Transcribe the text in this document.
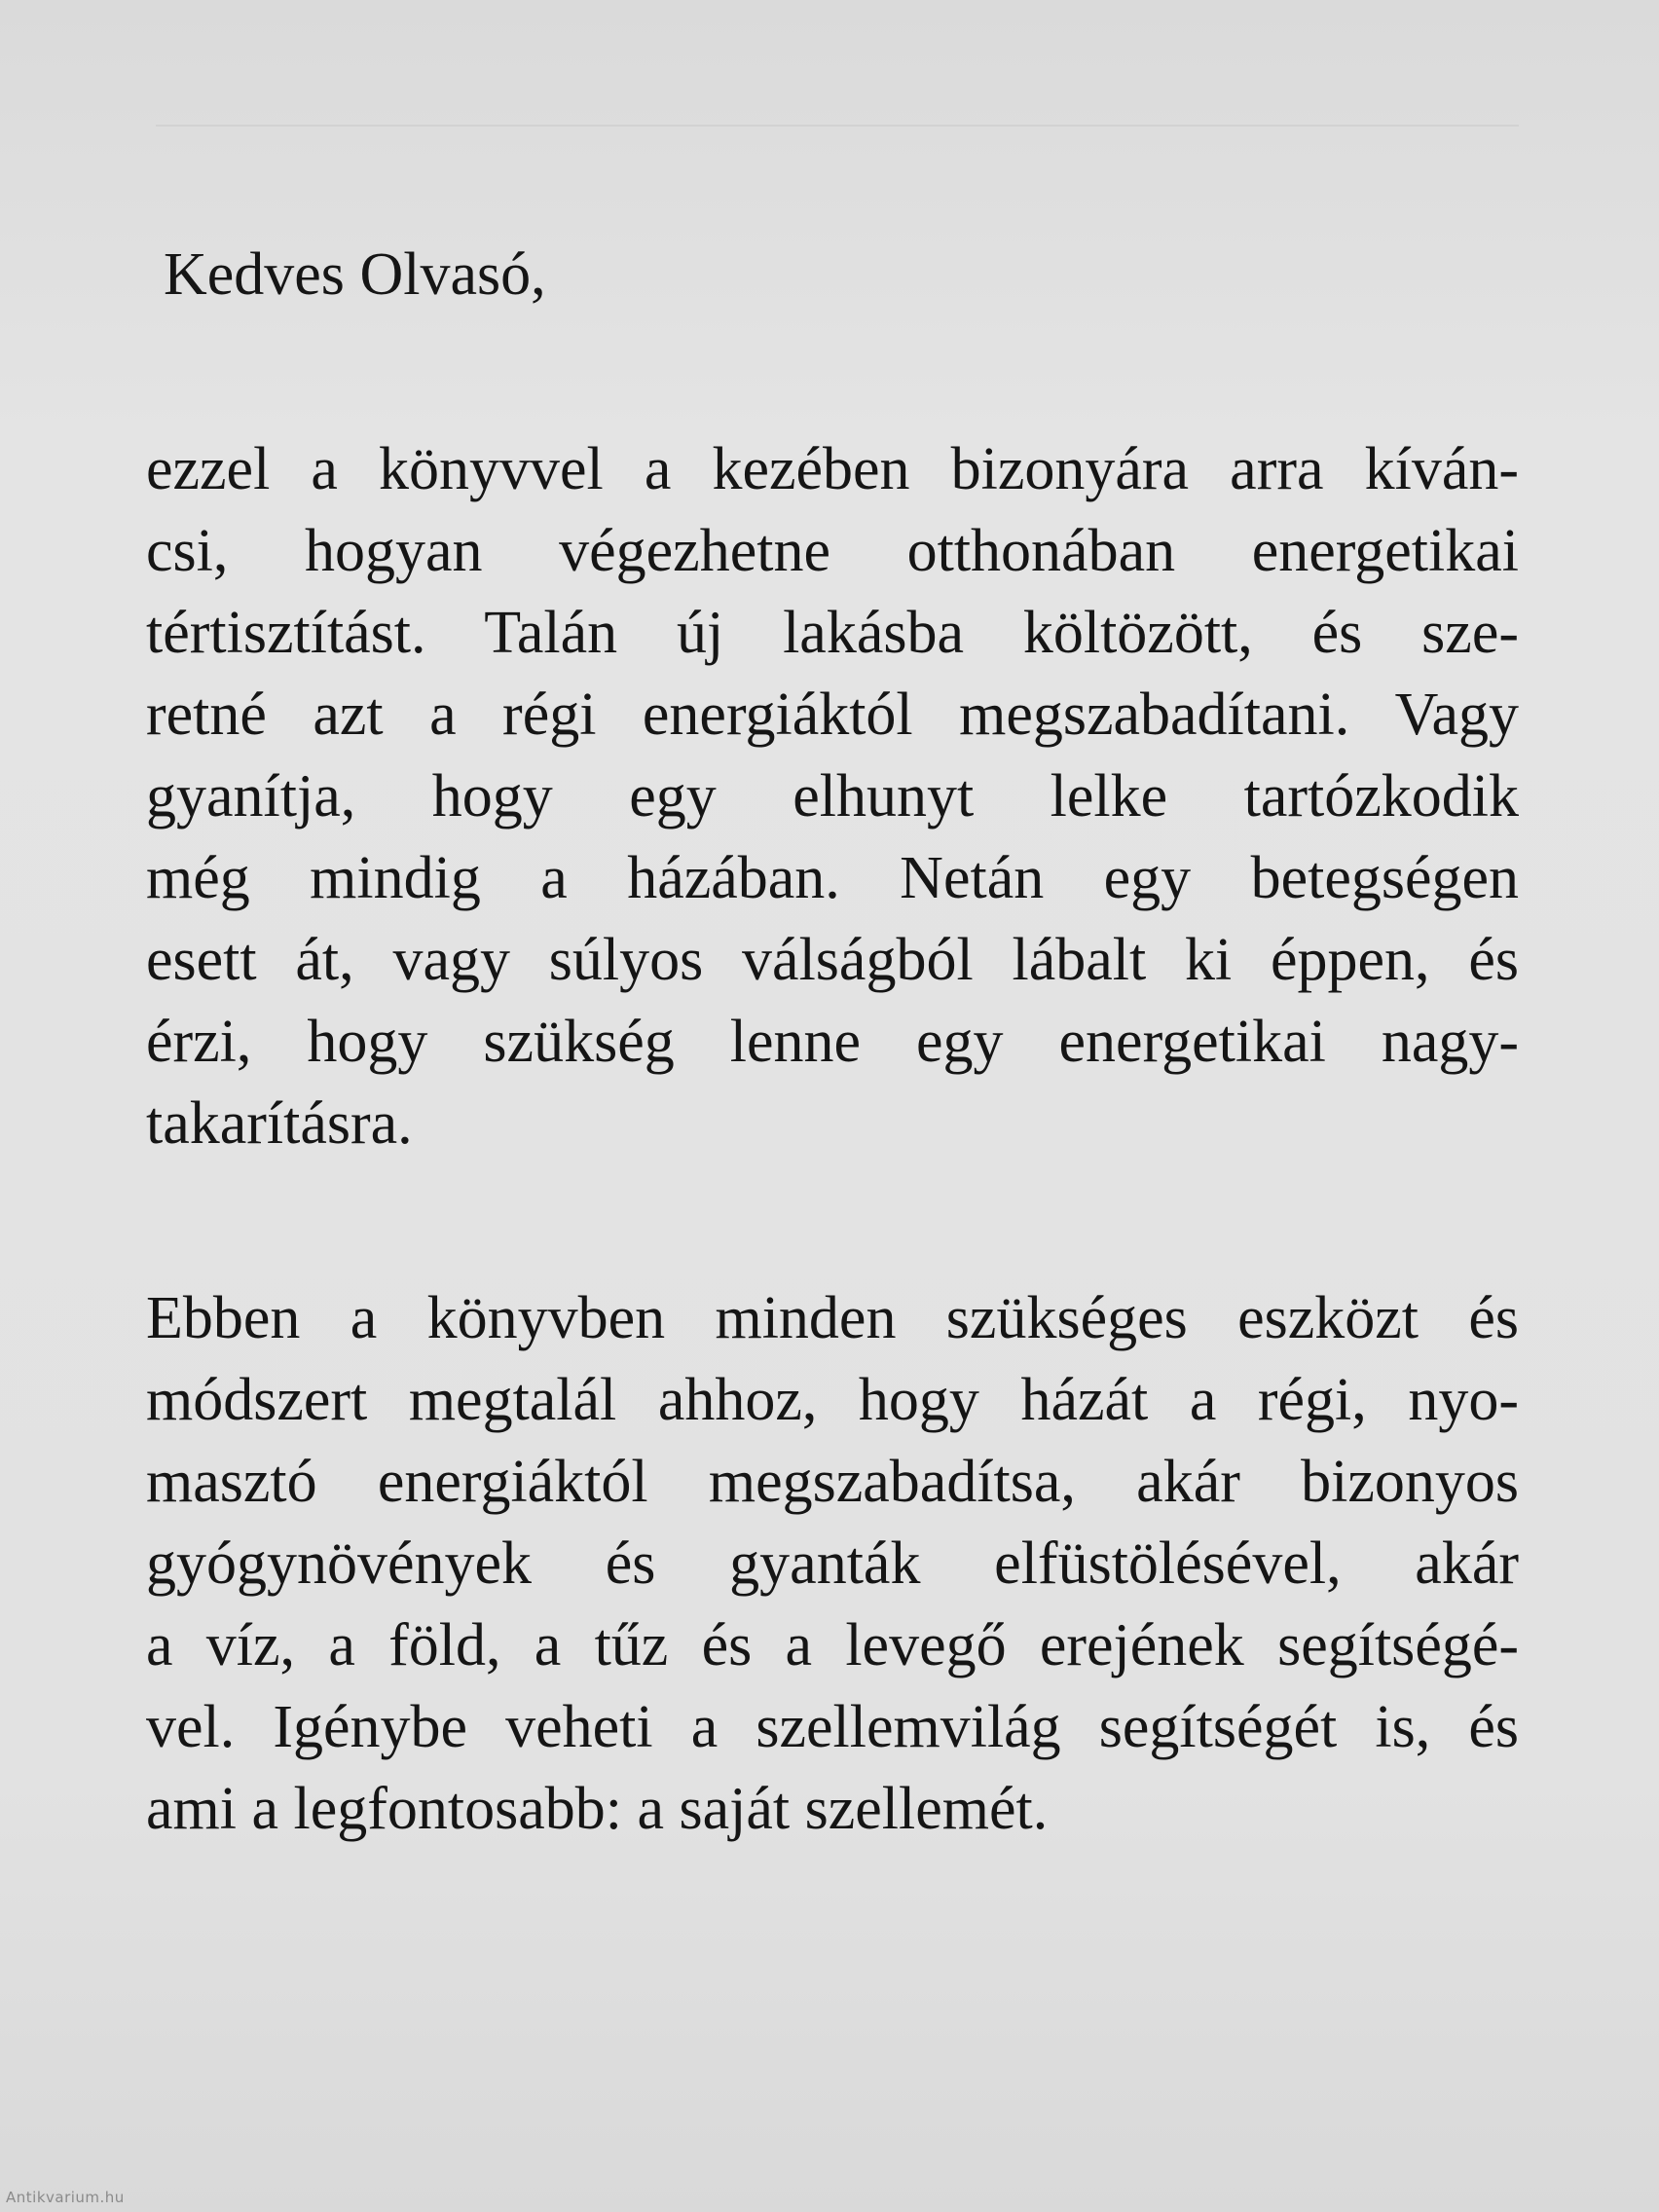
Kedves Olvasó,

ezzel a könyvvel a kezében bizonyára arra kíván-
csi, hogyan végezhetne otthonában energetikai
tértisztítást. Talán új lakásba költözött, és sze-
retné azt a régi energiáktól megszabadítani. Vagy
gyanítja, hogy egy elhunyt lelke tartózkodik
még mindig a házában. Netán egy betegségen
esett át, vagy súlyos válságból lábalt ki éppen, és
érzi, hogy szükség lenne egy energetikai nagy-
takarításra.

Ebben a könyvben minden szükséges eszközt és
módszert megtalál ahhoz, hogy házát a régi, nyo-
masztó energiáktól megszabadítsa, akár bizonyos
gyógynövények és gyanták elfüstölésével, akár
a víz, a föld, a tűz és a levegő erejének segítségé-
vel. Igénybe veheti a szellemvilág segítségét is, és
ami a legfontosabb: a saját szellemét.

Antikvarium.hu
